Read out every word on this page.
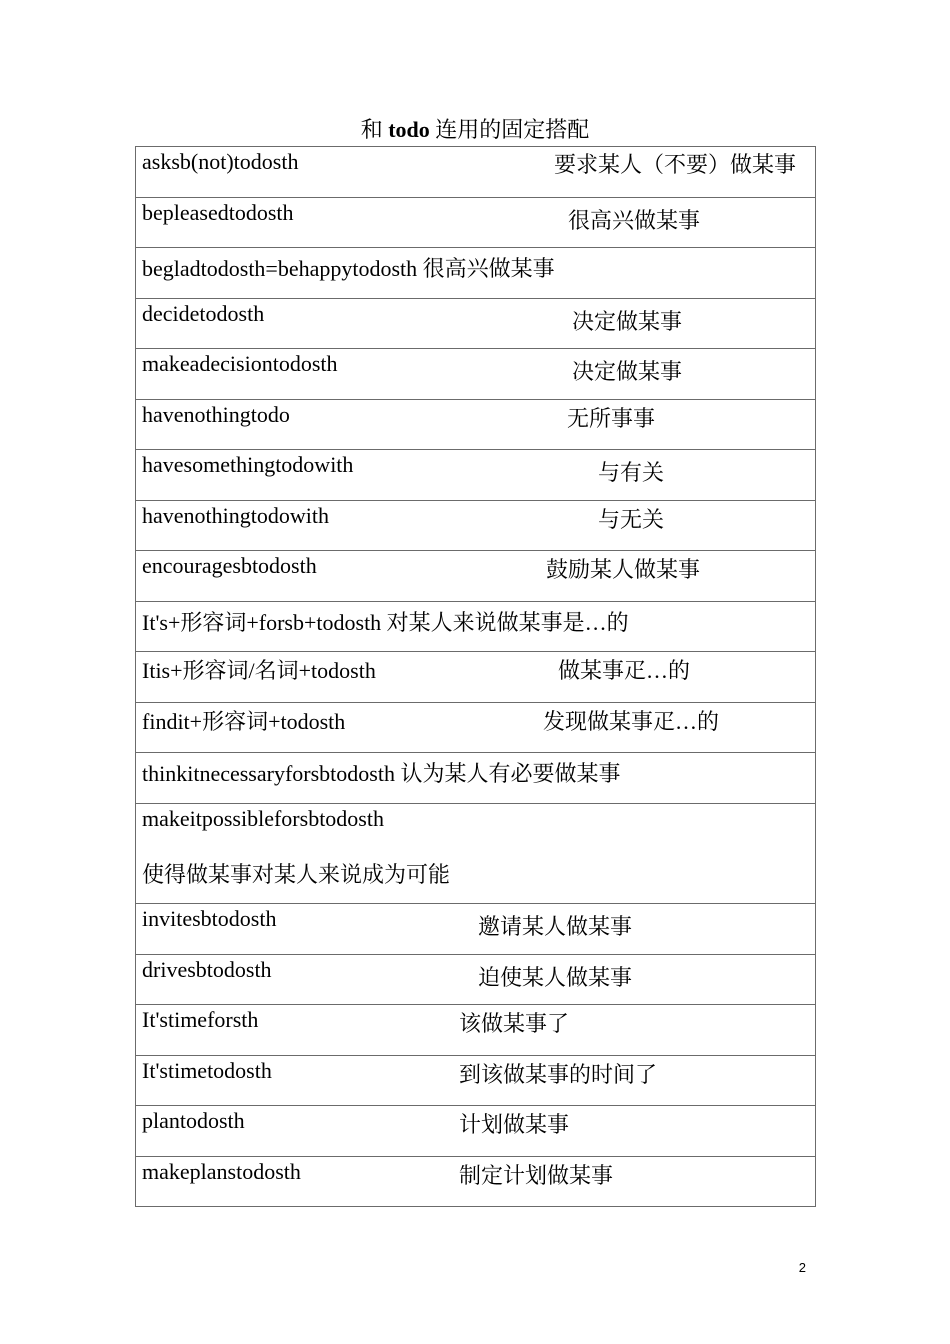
和 todo 连用的固定搭配
asksb(not)todosth	要求某人（不要）做某事
bepleasedtodosth	很高兴做某事
begladtodosth=behappytodosth 很高兴做某事
decidetodosth	决定做某事
makeadecisiontodosth	决定做某事
havenothingtodo	无所事事
havesomethingtodowith	与有关
havenothingtodowith	与无关
encouragesbtodosth	鼓励某人做某事
It's+形容词+forsb+todosth 对某人来说做某事是…的
Itis+形容词/名词+todosth	做某事疋…的
findit+形容词+todosth	发现做某事疋…的
thinkitnecessaryforsbtodosth 认为某人有必要做某事
makeitpossibleforsbtodosth
使得做某事对某人来说成为可能
invitesbtodosth	邀请某人做某事
drivesbtodosth	迫使某人做某事
It'stimeforsth	该做某事了
It'stimetodosth	到该做某事的时间了
plantodosth	计划做某事
makeplanstodosth	制定计划做某事
2
